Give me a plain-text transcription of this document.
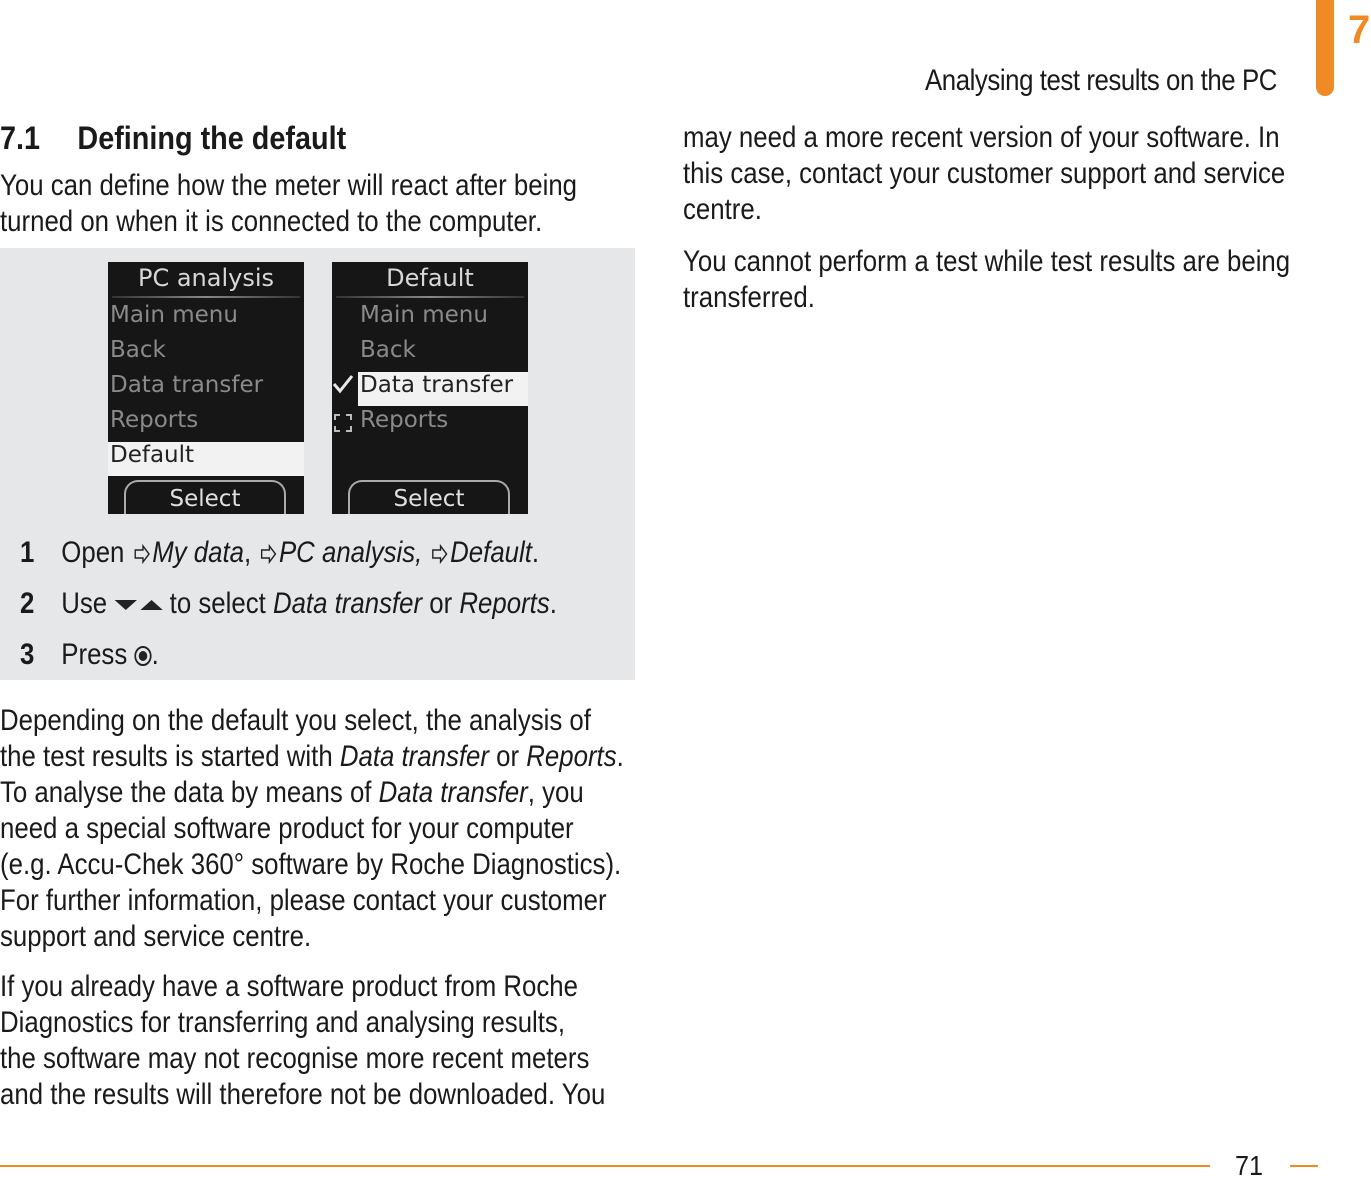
Analysing test results on the PC
7
7.1 Defining the default
You can define how the meter will react after being
turned on when it is connected to the computer.
PC analysis
Main menu
Back
Data transfer
Reports
Default
Select
Default
Main menu
Back
Data transfer
Reports
Select
1 Open My data, PC analysis, Default.
2 Use to select Data transfer or Reports.
3 Press .
Depending on the default you select, the analysis of
the test results is started with Data transfer or Reports.
To analyse the data by means of Data transfer, you
need a special software product for your computer
(e.g. Accu-Chek 360° software by Roche Diagnostics).
For further information, please contact your customer
support and service centre.
If you already have a software product from Roche
Diagnostics for transferring and analysing results,
the software may not recognise more recent meters
and the results will therefore not be downloaded. You
may need a more recent version of your software. In
this case, contact your customer support and service
centre.
You cannot perform a test while test results are being
transferred.
71
